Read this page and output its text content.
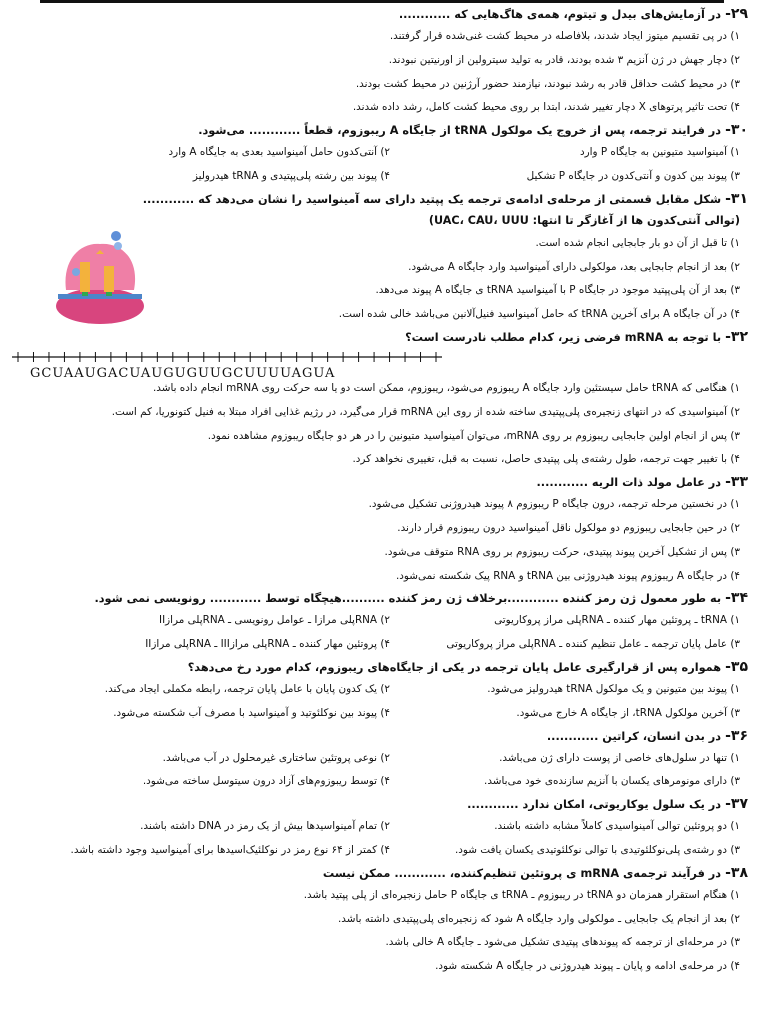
۲۹-در آزمایش‌های بیدل و تیتوم، همه‌ی هاگ‌هایی که ............
۱) در پی تقسیم میتوز ایجاد شدند، بلافاصله در محیط کشت غنی‌شده قرار گرفتند.
۲) دچار جهش در ژن آنزیم ۳ شده بودند، قادر به تولید سیترولین از اورنیتین نبودند.
۳) در محیط کشت حداقل قادر به رشد نبودند، نیازمند حضور آرژنین در محیط کشت بودند.
۴) تحت تاثیر پرتوهای X دچار تغییر شدند، ابتدا بر روی محیط کشت کامل، رشد داده شدند.
۳۰-در فرایند ترجمه، پس از خروج یک مولکول tRNA از جایگاه A ریبوزوم، قطعاً ............ می‌شود.
۱) آمینواسید متیونین به جایگاه P وارد
۲) آنتی‌کدون حامل آمینواسید بعدی به جایگاه A وارد
۳) پیوند بین کدون و آنتی‌کدون در جایگاه P تشکیل
۴) پیوند بین رشته پلی‌پپتیدی و tRNA هیدرولیز
۳۱-شکل مقابل قسمتی از مرحله‌ی ادامه‌ی ترجمه یک پپتید دارای سه آمینواسید را نشان می‌دهد که ............
(توالی آنتی‌کدون ها از آغازگر تا انتها: UAC، CAU، UUU)
۱) تا قبل از آن دو بار جابجایی انجام شده است.
۲) بعد از انجام جابجایی بعد، مولکولی دارای آمینواسید وارد جایگاه A می‌شود.
۳) بعد از آن پلی‌پپتید موجود در جایگاه P با آمینواسید tRNA ی جایگاه A پیوند می‌دهد.
۴) در آن جایگاه A برای آخرین tRNA که حامل آمینواسید فنیل‌آلانین می‌باشد خالی شده است.
۳۲-با توجه به mRNA فرضی زیر، کدام مطلب نادرست است؟
۱) هنگامی که tRNA حامل سیستئین وارد جایگاه A ریبوزوم می‌شود، ریبوزوم، ممکن است دو یا سه حرکت روی mRNA انجام داده باشد.
۲) آمینواسیدی که در انتهای زنجیره‌ی پلی‌پپتیدی ساخته شده از روی این mRNA قرار می‌گیرد، در رژیم غذایی افراد مبتلا به فنیل کتونوریا، کم است.
۳) پس از انجام اولین جابجایی ریبوزوم بر روی mRNA، می‌توان آمینواسید متیونین را در هر دو جایگاه ریبوزوم مشاهده نمود.
۴) با تغییر جهت ترجمه، طول رشته‌ی پلی پپتیدی حاصل، نسبت به قبل، تغییری نخواهد کرد.
۳۳-در عامل مولد ذات الریه ............
۱) در نخستین مرحله ترجمه، درون جایگاه P ریبوزوم ۸ پیوند هیدروژنی تشکیل می‌شود.
۲) در حین جابجایی ریبوزوم دو مولکول ناقل آمینواسید درون ریبوزوم قرار دارند.
۳) پس از تشکیل آخرین پیوند پپتیدی، حرکت ریبوزوم بر روی RNA متوقف می‌شود.
۴) در جایگاه A ریبوزوم پیوند هیدروژنی بین tRNA و RNA پیک شکسته نمی‌شود.
۳۴-به طور معمول ژن رمز کننده ............برخلاف ژن رمز کننده ..........هیچگاه توسط ............ رونویسی نمی شود.
۱) tRNA ـ پروتئین مهار کننده ـ RNAپلی مراز پروکاریوتی
۲) RNAپلی مرازI ـ عوامل رونویسی ـ RNAپلی مرازII
۳) عامل پایان ترجمه ـ عامل تنظیم کننده ـ RNAپلی مراز پروکاریوتی
۴) پروتئین مهار کننده ـ RNAپلی مرازIII ـ RNAپلی مرازII
۳۵-همواره پس از قرارگیری عامل پایان ترجمه در یکی از جایگاه‌های ریبوزوم، کدام مورد رخ می‌دهد؟
۱) پیوند بین متیونین و یک مولکول tRNA هیدرولیز می‌شود.
۲) یک کدون پایان با عامل پایان ترجمه، رابطه مکملی ایجاد می‌کند.
۳) آخرین مولکول tRNA، از جایگاه A خارج می‌شود.
۴) پیوند بین نوکلئوتید و آمینواسید با مصرف آب شکسته می‌شود.
۳۶-در بدن انسان، کراتین ............
۱) تنها در سلول‌های خاصی از پوست دارای ژن می‌باشد.
۲) نوعی پروتئین ساختاری غیرمحلول در آب می‌باشد.
۳) دارای مونومرهای یکسان با آنزیم سازنده‌ی خود می‌باشد.
۴) توسط ریبوزوم‌های آزاد درون سیتوسل ساخته می‌شود.
۳۷-در یک سلول یوکاریوتی، امکان ندارد ............
۱) دو پروتئین توالی آمینواسیدی کاملاً مشابه داشته باشند.
۲) تمام آمینواسیدها بیش از یک رمز در DNA داشته باشند.
۳) دو رشته‌ی پلی‌نوکلئوتیدی با توالی نوکلئوتیدی یکسان یافت شود.
۴) کمتر از ۶۴ نوع رمز در نوکلئیک‌اسیدها برای آمینواسید وجود داشته باشد.
۳۸-در فرآیند ترجمه‌ی mRNA ی پروتئین تنظیم‌کننده، ............ ممکن نیست
۱) هنگام استقرار همزمان دو tRNA در ریبوزوم ـ tRNA ی جایگاه P حامل زنجیره‌ای از پلی پپتید باشد.
۲) بعد از انجام یک جابجایی ـ مولکولی وارد جایگاه A شود که زنجیره‌ای پلی‌پپتیدی داشته باشد.
۳) در مرحله‌ای از ترجمه که پیوندهای پپتیدی تشکیل می‌شود ـ جایگاه A خالی باشد.
۴) در مرحله‌ی ادامه و پایان ـ پیوند هیدروژنی در جایگاه A شکسته شود.
GCUAAUGACUAUGUGUUGCUUUUAGUA
